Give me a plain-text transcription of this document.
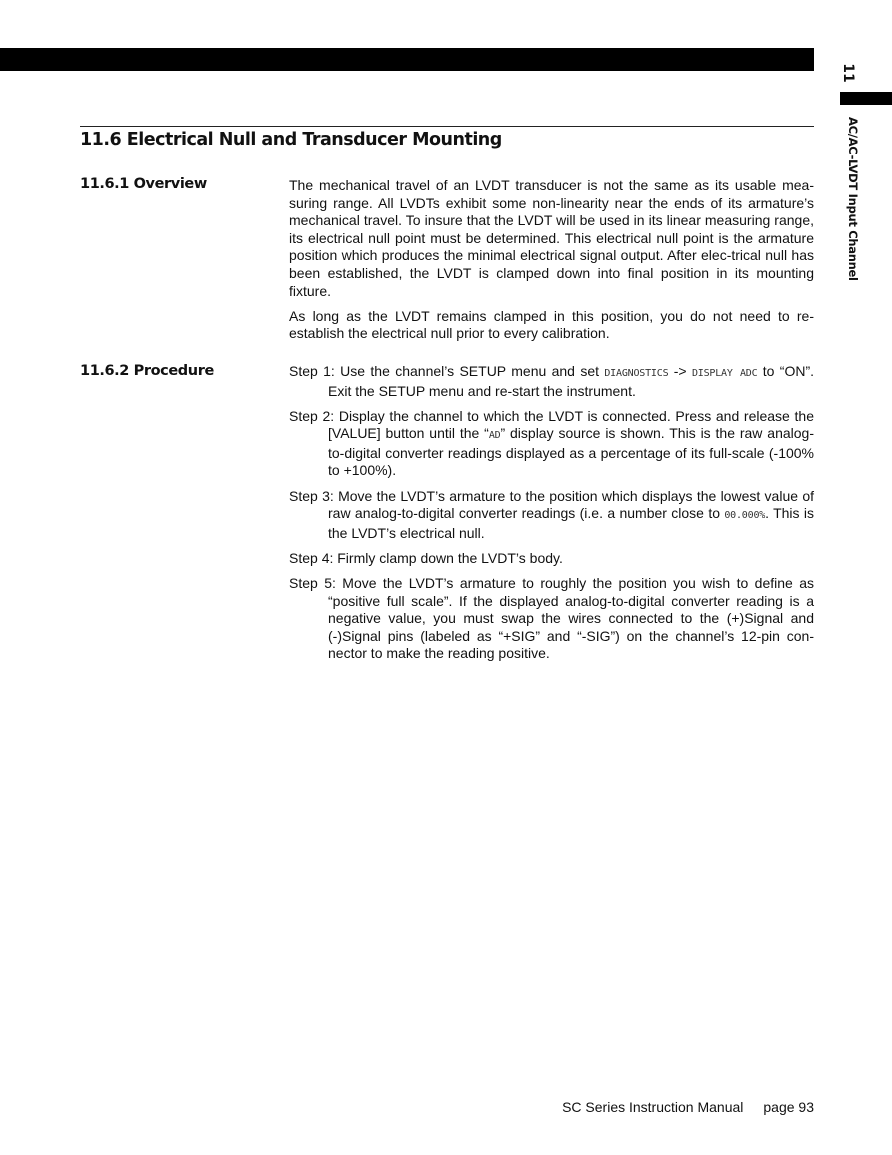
11
AC/AC-LVDT Input Channel
11.6 Electrical Null and Transducer Mounting
11.6.1 Overview	The mechanical travel of an LVDT transducer is not the same as its usable mea-suring range. All LVDTs exhibit some non-linearity near the ends of its armature’s mechanical travel. To insure that the LVDT will be used in its linear measuring range, its electrical null point must be determined. This electrical null point is the armature position which produces the minimal electrical signal output. After elec-trical null has been established, the LVDT is clamped down into final position in its mounting fixture.

As long as the LVDT remains clamped in this position, you do not need to re-establish the electrical null prior to every calibration.

11.6.2 Procedure	Step 1: Use the channel’s SETUP menu and set DIAGNOSTICS -> DISPLAY ADC to “ON”. Exit the SETUP menu and re-start the instrument.

Step 2: Display the channel to which the LVDT is connected. Press and release the [VALUE] button until the “AD” display source is shown. This is the raw analog-to-digital converter readings displayed as a percentage of its full-scale (-100% to +100%).

Step 3: Move the LVDT’s armature to the position which displays the lowest value of raw analog-to-digital converter readings (i.e. a number close to 00.000%. This is the LVDT’s electrical null.

Step 4: Firmly clamp down the LVDT’s body.

Step 5: Move the LVDT’s armature to roughly the position you wish to define as “positive full scale”. If the displayed analog-to-digital converter reading is a negative value, you must swap the wires connected to the (+)Signal and (-)Signal pins (labeled as “+SIG” and “-SIG”) on the channel’s 12-pin con-nector to make the reading positive.

SC Series Instruction Manual page 93
